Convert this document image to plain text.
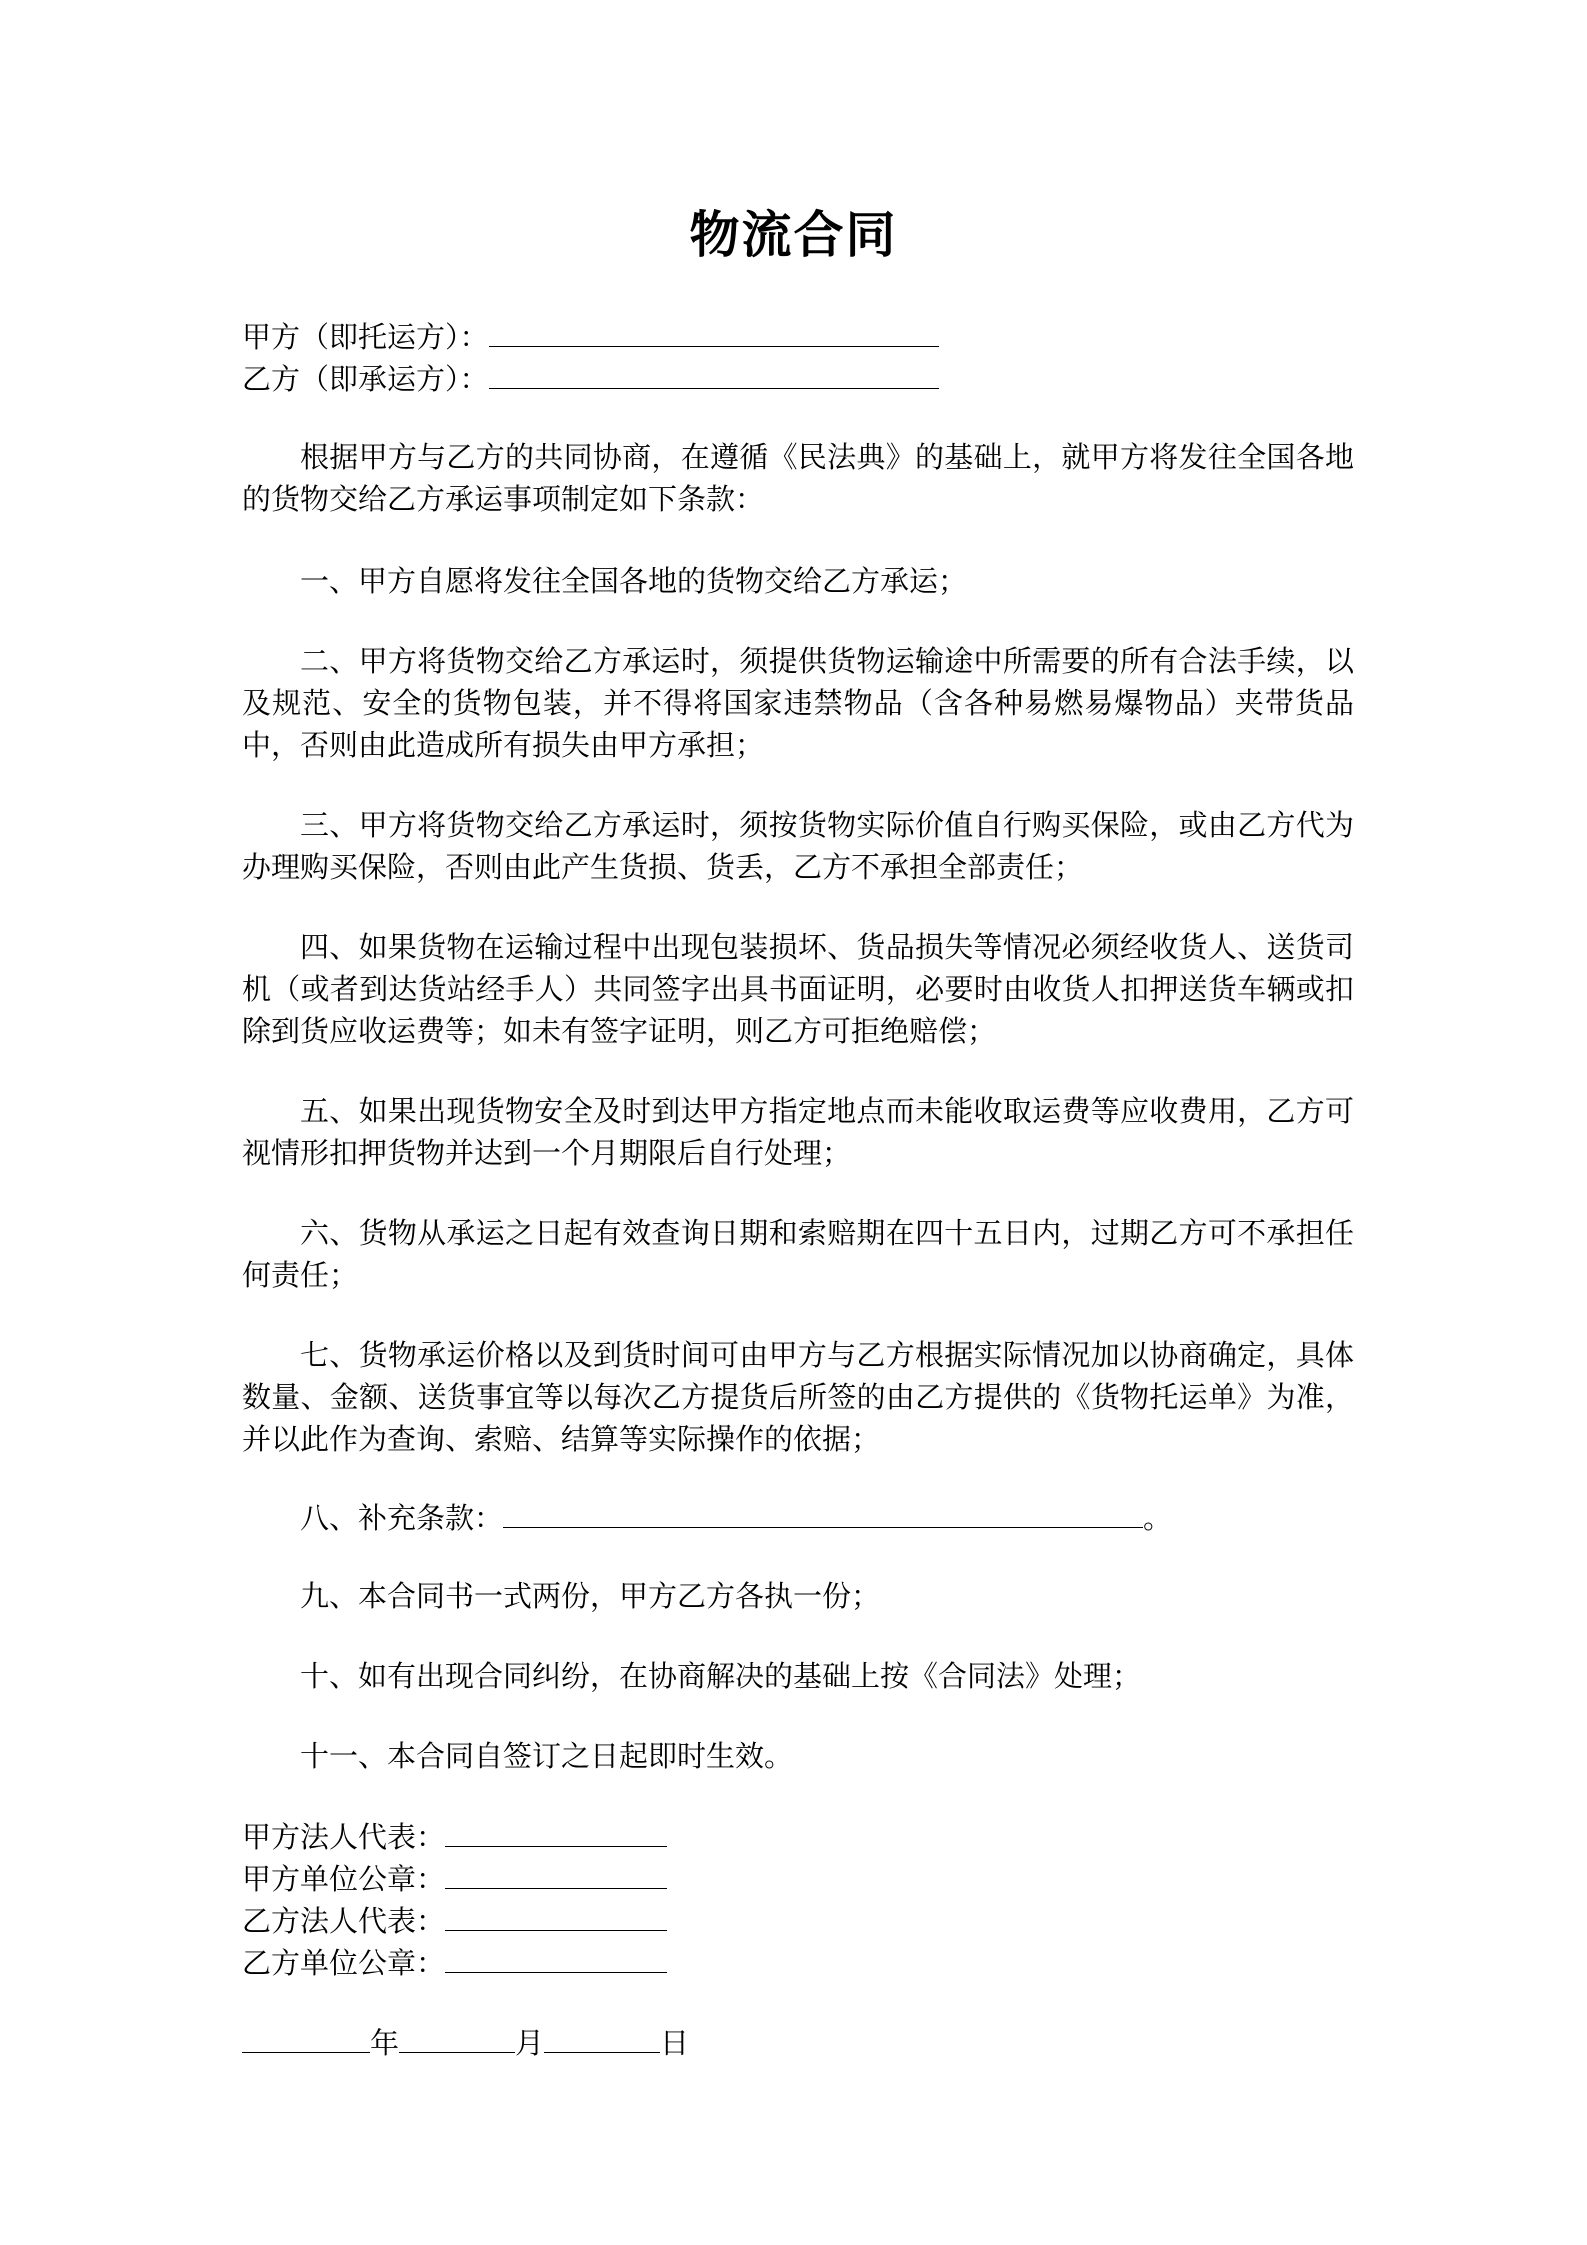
物流合同
甲方（即托运方）：
乙方（即承运方）：

根据甲方与乙方的共同协商，在遵循《民法典》的基础上，就甲方将发往全国各地的货物交给乙方承运事项制定如下条款：

一、甲方自愿将发往全国各地的货物交给乙方承运；

二、甲方将货物交给乙方承运时，须提供货物运输途中所需要的所有合法手续，以及规范、安全的货物包装，并不得将国家违禁物品（含各种易燃易爆物品）夹带货品中，否则由此造成所有损失由甲方承担；

三、甲方将货物交给乙方承运时，须按货物实际价值自行购买保险，或由乙方代为办理购买保险，否则由此产生货损、货丢，乙方不承担全部责任；

四、如果货物在运输过程中出现包装损坏、货品损失等情况必须经收货人、送货司机（或者到达货站经手人）共同签字出具书面证明，必要时由收货人扣押送货车辆或扣除到货应收运费等；如未有签字证明，则乙方可拒绝赔偿；

五、如果出现货物安全及时到达甲方指定地点而未能收取运费等应收费用，乙方可视情形扣押货物并达到一个月期限后自行处理；

六、货物从承运之日起有效查询日期和索赔期在四十五日内，过期乙方可不承担任何责任；

七、货物承运价格以及到货时间可由甲方与乙方根据实际情况加以协商确定，具体数量、金额、送货事宜等以每次乙方提货后所签的由乙方提供的《货物托运单》为准，并以此作为查询、索赔、结算等实际操作的依据；

八、补充条款：	。

九、本合同书一式两份，甲方乙方各执一份；

十、如有出现合同纠纷，在协商解决的基础上按《合同法》处理；

十一、本合同自签订之日起即时生效。

甲方法人代表：
甲方单位公章：
乙方法人代表：
乙方单位公章：
年	月	日
